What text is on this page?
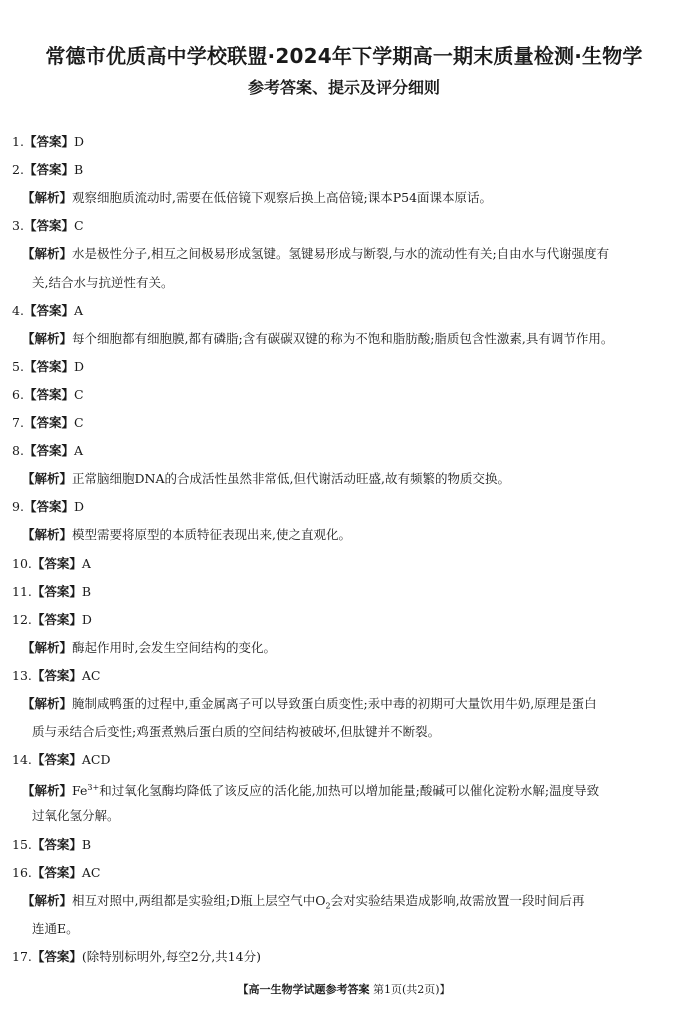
常德市优质高中学校联盟·2024年下学期高一期末质量检测·生物学
参考答案、提示及评分细则
1.【答案】D
2.【答案】B
【解析】观察细胞质流动时,需要在低倍镜下观察后换上高倍镜;课本P54面课本原话。
3.【答案】C
【解析】水是极性分子,相互之间极易形成氢键。氢键易形成与断裂,与水的流动性有关;自由水与代谢强度有
关,结合水与抗逆性有关。
4.【答案】A
【解析】每个细胞都有细胞膜,都有磷脂;含有碳碳双键的称为不饱和脂肪酸;脂质包含性激素,具有调节作用。
5.【答案】D
6.【答案】C
7.【答案】C
8.【答案】A
【解析】正常脑细胞DNA的合成活性虽然非常低,但代谢活动旺盛,故有频繁的物质交换。
9.【答案】D
【解析】模型需要将原型的本质特征表现出来,使之直观化。
10.【答案】A
11.【答案】B
12.【答案】D
【解析】酶起作用时,会发生空间结构的变化。
13.【答案】AC
【解析】腌制咸鸭蛋的过程中,重金属离子可以导致蛋白质变性;汞中毒的初期可大量饮用牛奶,原理是蛋白
质与汞结合后变性;鸡蛋煮熟后蛋白质的空间结构被破坏,但肽键并不断裂。
14.【答案】ACD
【解析】$Fe^{3+}$和过氧化氢酶均降低了该反应的活化能,加热可以增加能量;酸碱可以催化淀粉水解;温度导致
过氧化氢分解。
15.【答案】B
16.【答案】AC
【解析】相互对照中,两组都是实验组;D瓶上层空气中$O_2$会对实验结果造成影响,故需放置一段时间后再
连通E。
17.【答案】(除特别标明外,每空2分,共14分)
【高一生物学试题参考答案 第1页(共2页)】
